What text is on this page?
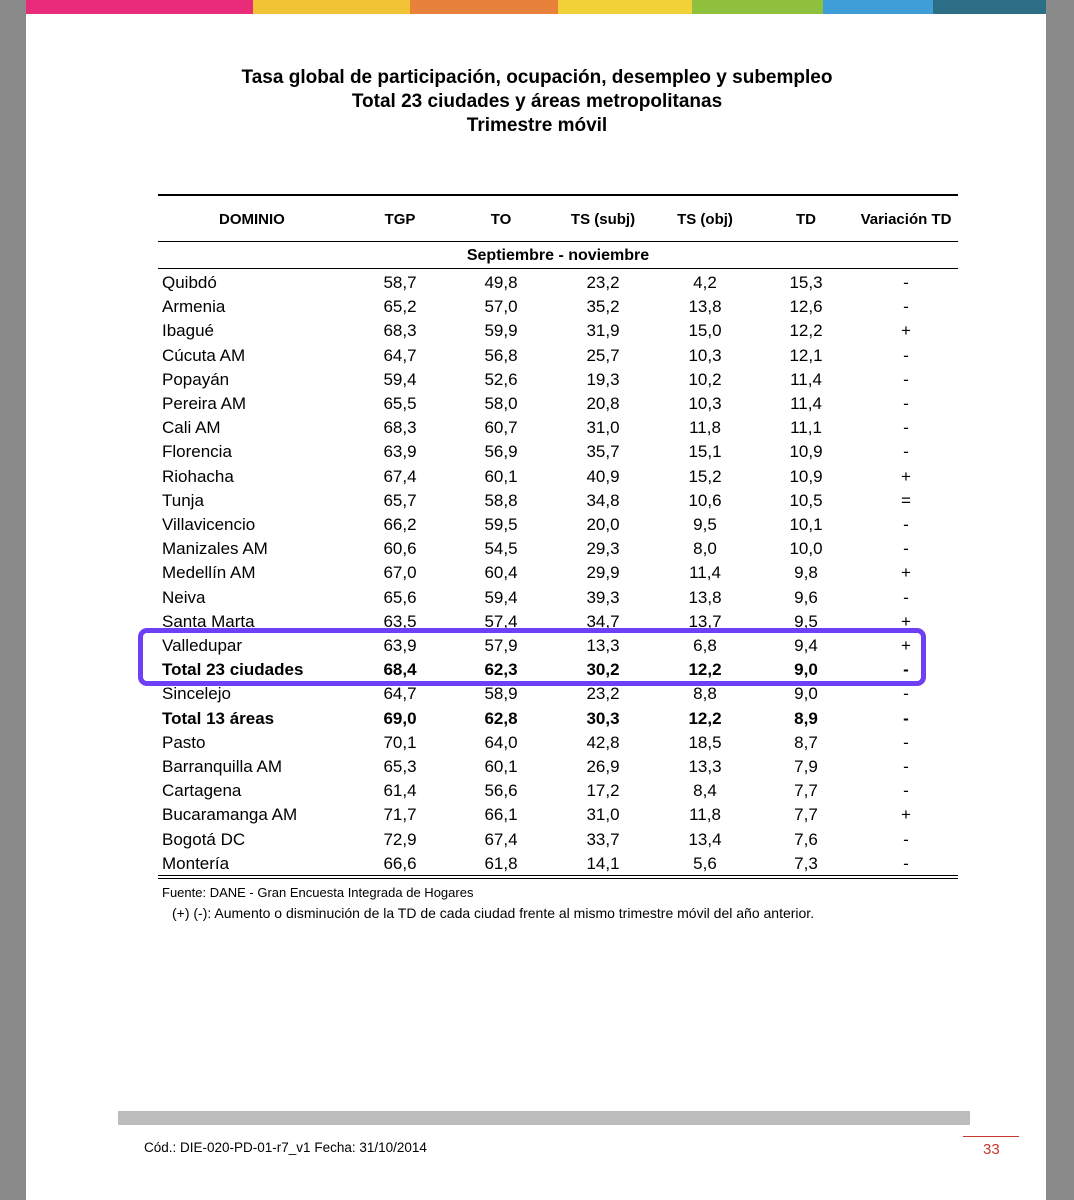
Tasa global de participación, ocupación, desempleo y subempleo
Total 23 ciudades y áreas metropolitanas
Trimestre móvil
DOMINIO	TGP	TO	TS (subj)	TS (obj)	TD	Variación TD
Septiembre - noviembre
Quibdó	58,7	49,8	23,2	4,2	15,3	-
Armenia	65,2	57,0	35,2	13,8	12,6	-
Ibagué	68,3	59,9	31,9	15,0	12,2	+
Cúcuta AM	64,7	56,8	25,7	10,3	12,1	-
Popayán	59,4	52,6	19,3	10,2	11,4	-
Pereira AM	65,5	58,0	20,8	10,3	11,4	-
Cali AM	68,3	60,7	31,0	11,8	11,1	-
Florencia	63,9	56,9	35,7	15,1	10,9	-
Riohacha	67,4	60,1	40,9	15,2	10,9	+
Tunja	65,7	58,8	34,8	10,6	10,5	=
Villavicencio	66,2	59,5	20,0	9,5	10,1	-
Manizales AM	60,6	54,5	29,3	8,0	10,0	-
Medellín AM	67,0	60,4	29,9	11,4	9,8	+
Neiva	65,6	59,4	39,3	13,8	9,6	-
Santa Marta	63,5	57,4	34,7	13,7	9,5	+
Valledupar	63,9	57,9	13,3	6,8	9,4	+
Total 23 ciudades	68,4	62,3	30,2	12,2	9,0	-
Sincelejo	64,7	58,9	23,2	8,8	9,0	-
Total 13 áreas	69,0	62,8	30,3	12,2	8,9	-
Pasto	70,1	64,0	42,8	18,5	8,7	-
Barranquilla AM	65,3	60,1	26,9	13,3	7,9	-
Cartagena	61,4	56,6	17,2	8,4	7,7	-
Bucaramanga AM	71,7	66,1	31,0	11,8	7,7	+
Bogotá DC	72,9	67,4	33,7	13,4	7,6	-
Montería	66,6	61,8	14,1	5,6	7,3	-
Fuente: DANE - Gran Encuesta Integrada de Hogares
(+) (-): Aumento o disminución de la TD de cada ciudad frente al mismo trimestre móvil del año anterior.
Cód.: DIE-020-PD-01-r7_v1 Fecha: 31/10/2014	33
